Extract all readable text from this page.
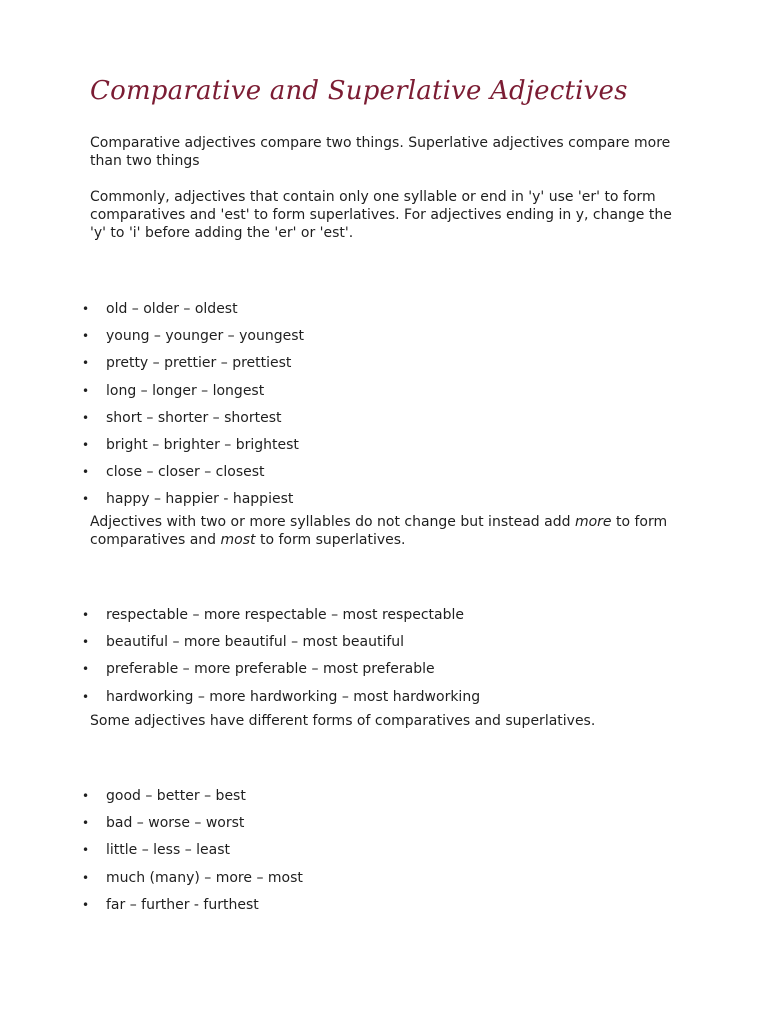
Comparative and Superlative Adjectives

Comparative adjectives compare two things. Superlative adjectives compare more than two things

Commonly, adjectives that contain only one syllable or end in 'y' use 'er' to form comparatives and 'est' to form superlatives. For adjectives ending in y, change the 'y' to 'i' before adding the 'er' or 'est'.

• old – older – oldest
• young – younger – youngest
• pretty – prettier – prettiest
• long – longer – longest
• short – shorter – shortest
• bright – brighter – brightest
• close – closer – closest
• happy – happier - happiest

Adjectives with two or more syllables do not change but instead add more to form comparatives and most to form superlatives.

• respectable – more respectable – most respectable
• beautiful – more beautiful – most beautiful
• preferable – more preferable – most preferable
• hardworking – more hardworking – most hardworking

Some adjectives have different forms of comparatives and superlatives.

• good – better – best
• bad – worse – worst
• little – less – least
• much (many) – more – most
• far – further - furthest
